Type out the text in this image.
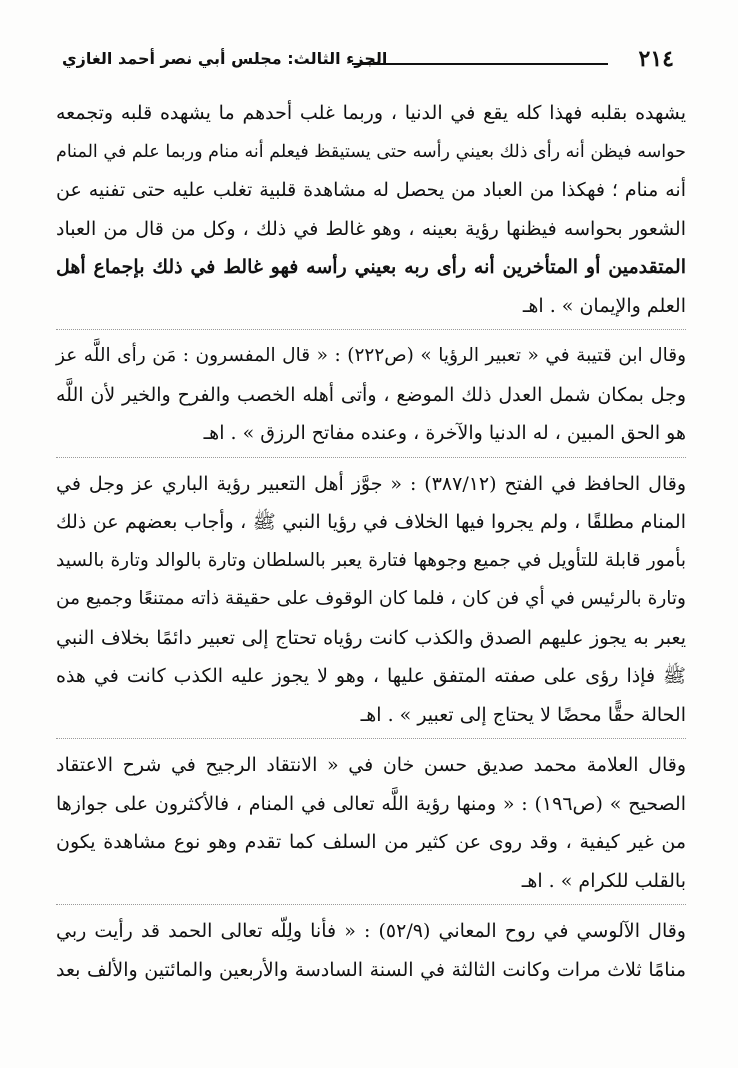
٢١٤
الجزء الثالث: مجلس أبي نصر أحمد الغازي
يشهده بقلبه فهذا كله يقع في الدنيا ، وربما غلب أحدهم ما يشهده قلبه وتجمعه
حواسه فيظن أنه رأى ذلك بعيني رأسه حتى يستيقظ فيعلم أنه منام وربما علم في المنام
أنه منام ؛ فهكذا من العباد من يحصل له مشاهدة قلبية تغلب عليه حتى تفنيه عن
الشعور بحواسه فيظنها رؤية بعينه ، وهو غالط في ذلك ، وكل من قال من العباد
المتقدمين أو المتأخرين أنه رأى ربه بعيني رأسه فهو غالط في ذلك بإجماع أهل
العلم والإيمان » . اهـ
وقال ابن قتيبة في « تعبير الرؤيا » (ص٢٢٢) : « قال المفسرون : مَن رأى اللَّه عز
وجل بمكان شمل العدل ذلك الموضع ، وأتى أهله الخصب والفرح والخير لأن اللَّه
هو الحق المبين ، له الدنيا والآخرة ، وعنده مفاتح الرزق » . اهـ
وقال الحافظ في الفتح (٣٨٧/١٢) : « جوَّز أهل التعبير رؤية الباري عز وجل في
المنام مطلقًا ، ولم يجروا فيها الخلاف في رؤيا النبي ﷺ ، وأجاب بعضهم عن ذلك
بأمور قابلة للتأويل في جميع وجوهها فتارة يعبر بالسلطان وتارة بالوالد وتارة بالسيد
وتارة بالرئيس في أي فن كان ، فلما كان الوقوف على حقيقة ذاته ممتنعًا وجميع من
يعبر به يجوز عليهم الصدق والكذب كانت رؤياه تحتاج إلى تعبير دائمًا بخلاف النبي
ﷺ فإذا رؤى على صفته المتفق عليها ، وهو لا يجوز عليه الكذب كانت في هذه
الحالة حقًّا محضًا لا يحتاج إلى تعبير » . اهـ
وقال العلامة محمد صديق حسن خان في « الانتقاد الرجيح في شرح الاعتقاد
الصحيح » (ص١٩٦) : « ومنها رؤية اللَّه تعالى في المنام ، فالأكثرون على جوازها
من غير كيفية ، وقد روى عن كثير من السلف كما تقدم وهو نوع مشاهدة يكون
بالقلب للكرام » . اهـ
وقال الآلوسي في روح المعاني (٥٢/٩) : « فأنا ولِلّه تعالى الحمد قد رأيت ربي
منامًا ثلاث مرات وكانت الثالثة في السنة السادسة والأربعين والمائتين والألف بعد
